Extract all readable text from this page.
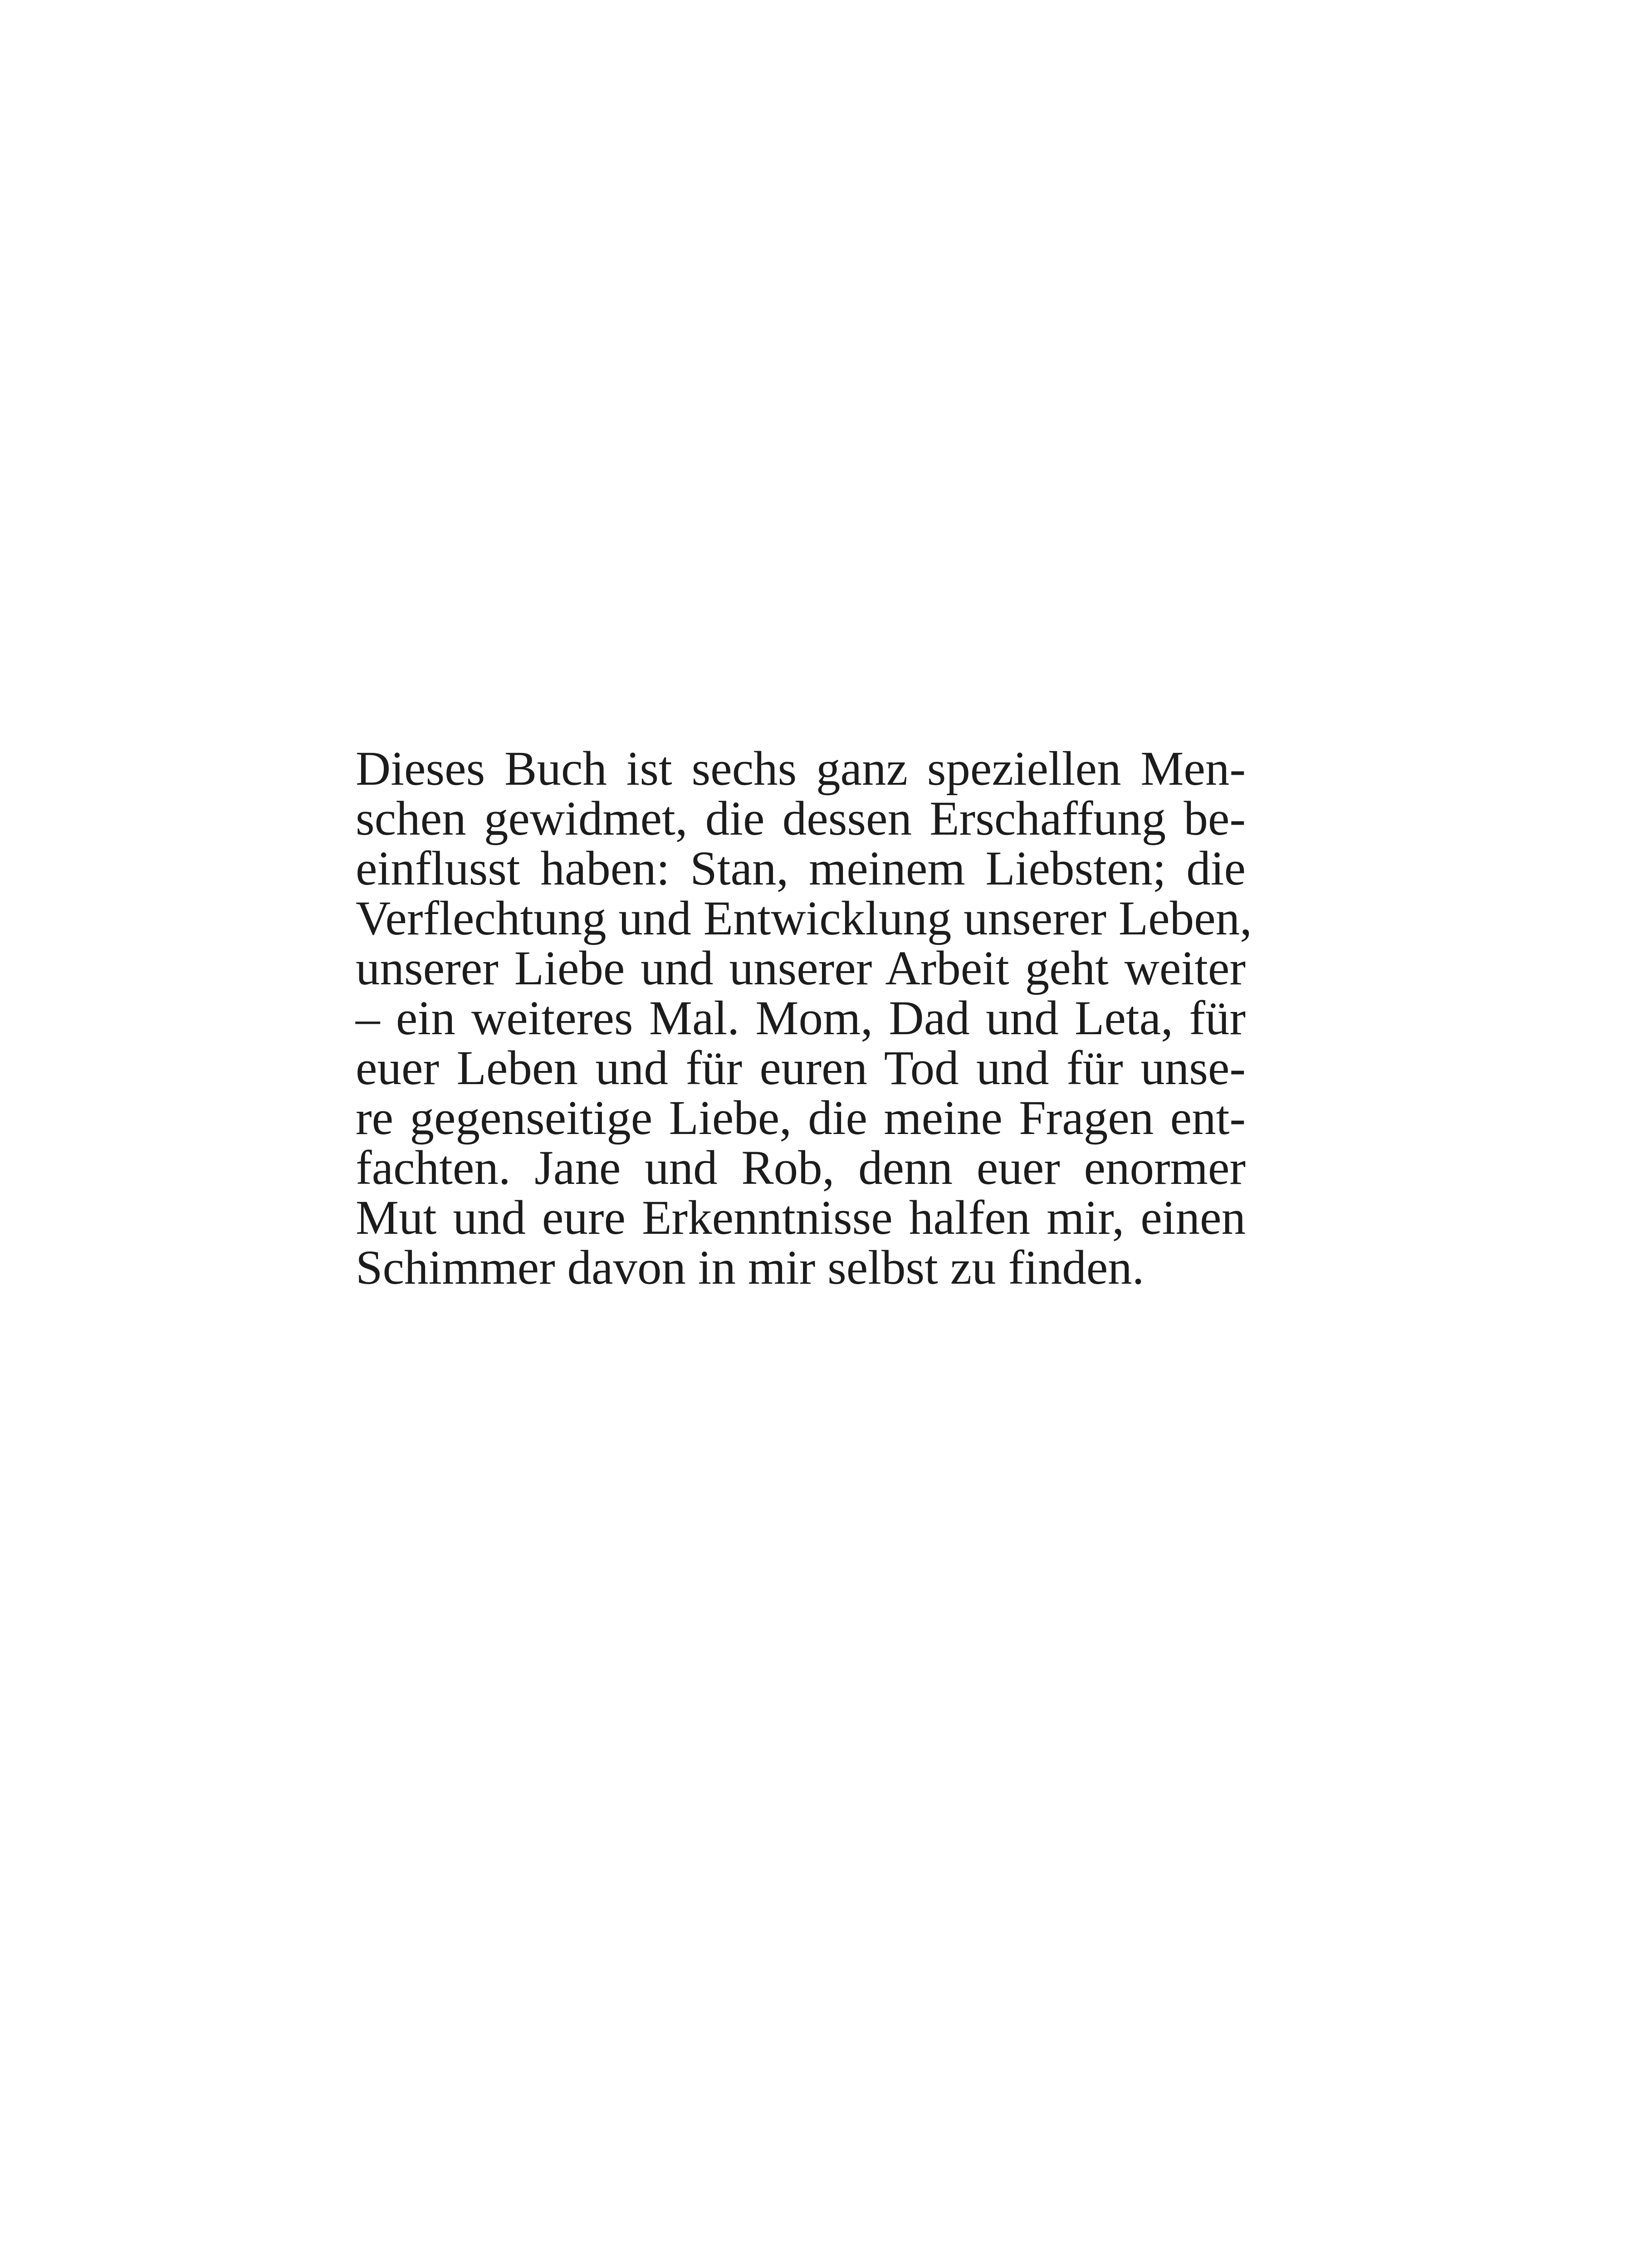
Dieses Buch ist sechs ganz speziellen Men-
schen gewidmet, die dessen Erschaffung be-
einflusst haben: Stan, meinem Liebsten; die
Verflechtung und Entwicklung unserer Leben,
unserer Liebe und unserer Arbeit geht weiter
– ein weiteres Mal. Mom, Dad und Leta, für
euer Leben und für euren Tod und für unse-
re gegenseitige Liebe, die meine Fragen ent-
fachten. Jane und Rob, denn euer enormer
Mut und eure Erkenntnisse halfen mir, einen
Schimmer davon in mir selbst zu finden.
